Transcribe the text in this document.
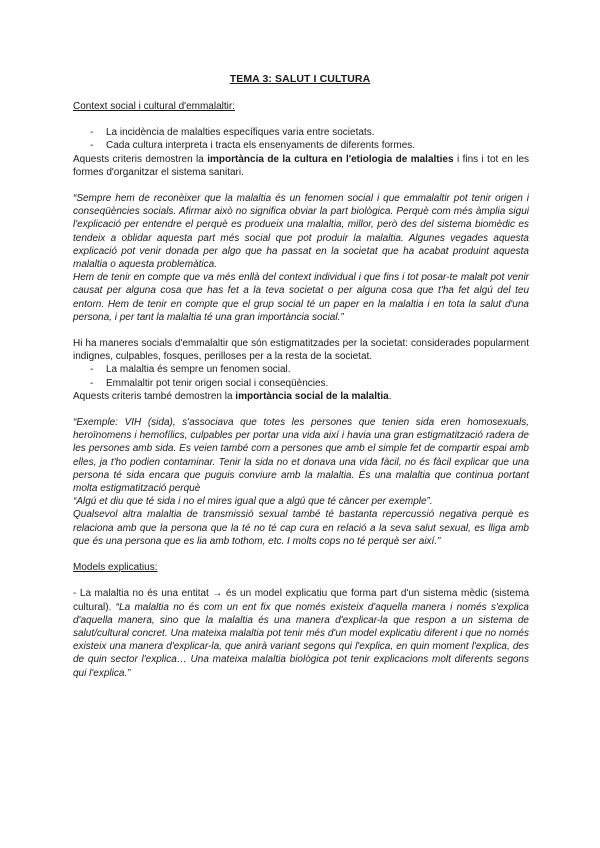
TEMA 3: SALUT I CULTURA

Context social i cultural d'emmalaltir:

- La incidència de malalties específiques varia entre societats.
- Cada cultura interpreta i tracta els ensenyaments de diferents formes.

Aquests criteris demostren la importància de la cultura en l'etiologia de malalties i fins i tot en les formes d'organitzar el sistema sanitari.

“Sempre hem de reconèixer que la malaltia és un fenomen social i que emmalaltir pot tenir origen i conseqüències socials. Afirmar això no significa obviar la part biològica. Perquè com més àmplia sigui l'explicació per entendre el perquè es produeix una malaltia, millor, però des del sistema biomèdic es tendeix a oblidar aquesta part més social que pot produir la malaltia. Algunes vegades aquesta explicació pot venir donada per algo que ha passat en la societat que ha acabat produint aquesta malaltia o aquesta problemàtica.

Hem de tenir en compte que va més enllà del context individual i que fins i tot posar-te malalt pot venir causat per alguna cosa que has fet a la teva societat o per alguna cosa que t'ha fet algú del teu entorn. Hem de tenir en compte que el grup social té un paper en la malaltia i en tota la salut d'una persona, i per tant la malaltia té una gran importància social.”

Hi ha maneres socials d'emmalaltir que són estigmatitzades per la societat: considerades popularment indignes, culpables, fosques, perilloses per a la resta de la societat.

- La malaltia és sempre un fenomen social.
- Emmalaltir pot tenir origen social i conseqüències.

Aquests criteris també demostren la importància social de la malaltia.

“Exemple: VIH (sida), s'associava que totes les persones que tenien sida eren homosexuals, heroïnomens i hemofílics, culpables per portar una vida així i havia una gran estigmatització radera de les persones amb sida. Es veien també com a persones que amb el simple fet de compartir espai amb elles, ja t'ho podien contaminar. Tenir la sida no et donava una vida fàcil, no és fàcil explicar que una persona té sida encara que puguis conviure amb la malaltia. És una malaltia que continua portant molta estigmatització perquè

“Algú et diu que té sida i no el mires igual que a algú que té càncer per exemple”.

Qualsevol altra malaltia de transmissió sexual també té bastanta repercussió negativa perquè es relaciona amb que la persona que la té no té cap cura en relació a la seva salut sexual, es lliga amb que és una persona que es lia amb tothom, etc. I molts cops no té perquè ser així.”

Models explicatius:

- La malaltia no és una entitat → és un model explicatiu que forma part d'un sistema mèdic (sistema cultural). “La malaltia no és com un ent fix que només existeix d'aquella manera i només s'explica d'aquella manera, sino que la malaltia és una manera d'explicar-la que respon a un sistema de salut/cultural concret. Una mateixa malaltia pot tenir més d'un model explicatiu diferent i que no només existeix una manera d'explicar-la, que anirà variant segons qui l'explica, en quin moment l'explica, des de quin sector l'explica… Una mateixa malaltia biològica pot tenir explicacions molt diferents segons qui l'explica.”
